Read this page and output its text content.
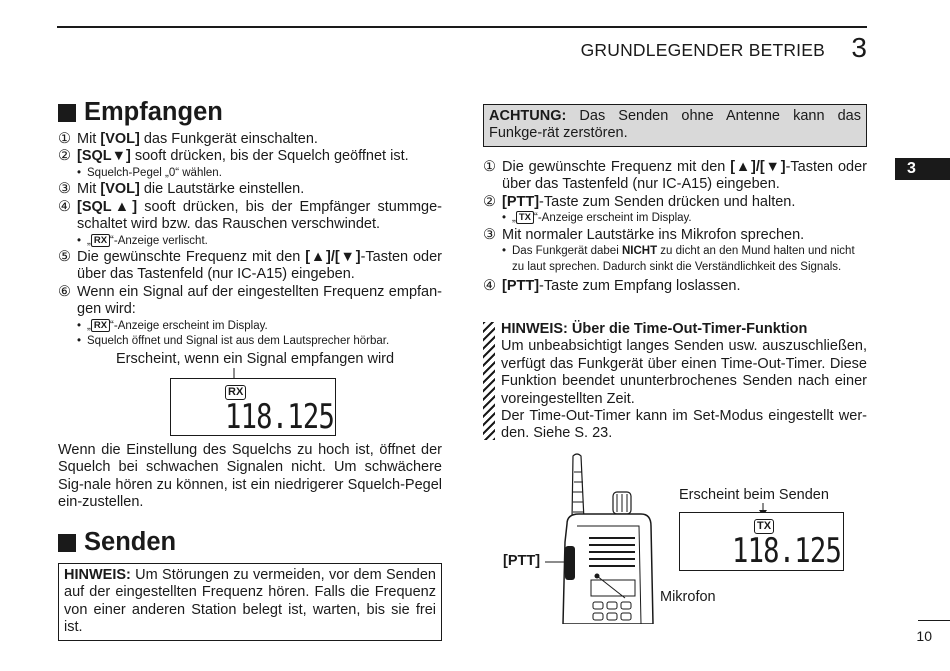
GRUNDLEGENDER BETRIEB 3
3
Empfangen
① Mit [VOL] das Funkgerät einschalten.
② [SQL▼] sooft drücken, bis der Squelch geöffnet ist.
• Squelch-Pegel „0“ wählen.
③ Mit [VOL] die Lautstärke einstellen.
④ [SQL▲] sooft drücken, bis der Empfänger stummge-schaltet wird bzw. das Rauschen verschwindet.
• „ RX “-Anzeige verlischt.
⑤ Die gewünschte Frequenz mit den [▲]/[▼]-Tasten oder über das Tastenfeld (nur IC-A15) eingeben.
⑥ Wenn ein Signal auf der eingestellten Frequenz empfan-gen wird:
• „ RX “-Anzeige erscheint im Display.
• Squelch öffnet und Signal ist aus dem Lautsprecher hörbar.
Erscheint, wenn ein Signal empfangen wird
RX
118.125
Wenn die Einstellung des Squelchs zu hoch ist, öffnet der Squelch bei schwachen Signalen nicht. Um schwächere Sig-nale hören zu können, ist ein niedrigerer Squelch-Pegel ein-zustellen.
Senden
HINWEIS: Um Störungen zu vermeiden, vor dem Senden auf der eingestellten Frequenz hören. Falls die Frequenz von einer anderen Station belegt ist, warten, bis sie frei ist.
ACHTUNG: Das Senden ohne Antenne kann das Funkge-rät zerstören.
① Die gewünschte Frequenz mit den [▲]/[▼]-Tasten oder über das Tastenfeld (nur IC-A15) eingeben.
② [PTT]-Taste zum Senden drücken und halten.
• „ TX “-Anzeige erscheint im Display.
③ Mit normaler Lautstärke ins Mikrofon sprechen.
• Das Funkgerät dabei NICHT zu dicht an den Mund halten und nicht zu laut sprechen. Dadurch sinkt die Verständlichkeit des Signals.
④ [PTT]-Taste zum Empfang loslassen.
HINWEIS: Über die Time-Out-Timer-Funktion
Um unbeabsichtigt langes Senden usw. auszuschließen, verfügt das Funkgerät über einen Time-Out-Timer. Diese Funktion beendet ununterbrochenes Senden nach einer voreingestellten Zeit.
Der Time-Out-Timer kann im Set-Modus eingestellt wer-den. Siehe S. 23.
[PTT]
Mikrofon
Erscheint beim Senden
TX
118.125
10
